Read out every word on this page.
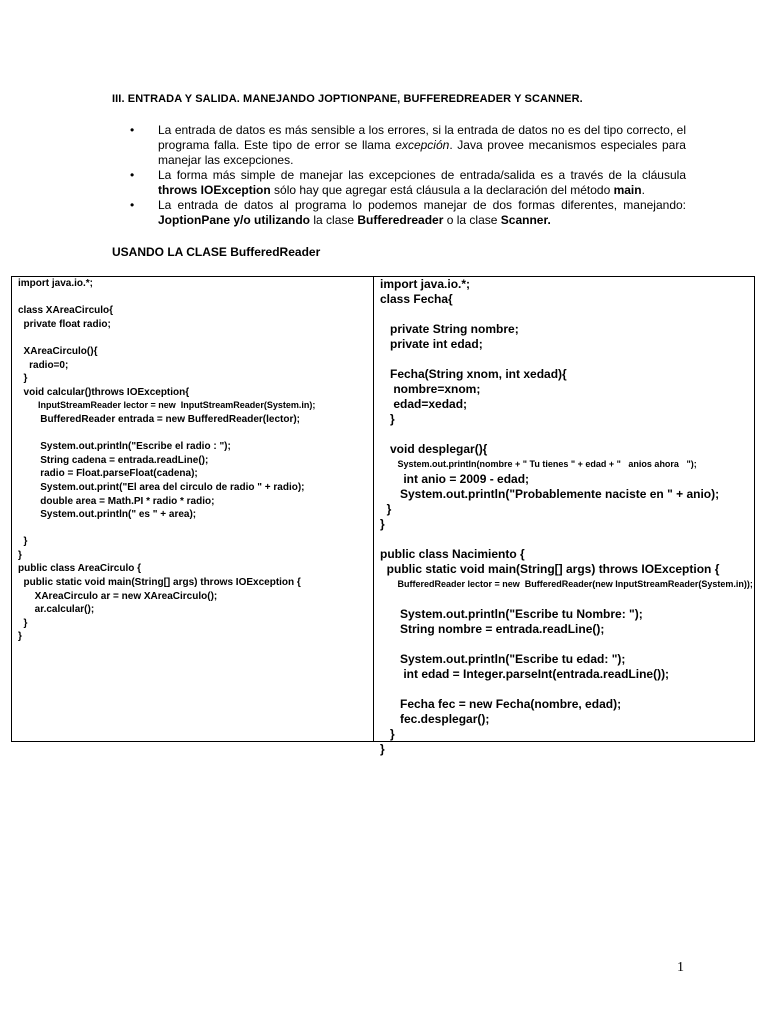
III. ENTRADA Y SALIDA. MANEJANDO JOPTIONPANE, BUFFEREDREADER Y SCANNER.

• La entrada de datos es más sensible a los errores, si la entrada de datos no es del tipo correcto, el programa falla. Este tipo de error se llama excepción. Java provee mecanismos especiales para manejar las excepciones.

• La forma más simple de manejar las excepciones de entrada/salida es a través de la cláusula throws IOException sólo hay que agregar está cláusula a la declaración del método main.

• La entrada de datos al programa lo podemos manejar de dos formas diferentes, manejando: JoptionPane y/o utilizando la clase Bufferedreader o la clase Scanner.

USANDO LA CLASE BufferedReader
import java.io.*;
class XAreaCirculo{
private float radio;
XAreaCirculo(){
radio=0;
}
void calcular()throws IOException{
InputStreamReader lector = new  InputStreamReader(System.in);
BufferedReader entrada = new BufferedReader(lector);
System.out.println("Escribe el radio : ");
String cadena = entrada.readLine();
radio = Float.parseFloat(cadena);
System.out.print("El area del circulo de radio " + radio);
double area = Math.PI * radio * radio;
System.out.println(" es " + area);
}
}
public class AreaCirculo {
public static void main(String[] args) throws IOException {
XAreaCirculo ar = new XAreaCirculo();
ar.calcular();
}
}
import java.io.*;
class Fecha{
private String nombre;
private int edad;
Fecha(String xnom, int xedad){
nombre=xnom;
edad=xedad;
}
void desplegar(){
System.out.println(nombre + " Tu tienes " + edad + "   anios ahora   ");
int anio = 2009 - edad;
System.out.println("Probablemente naciste en " + anio);
}
}
public class Nacimiento {
public static void main(String[] args) throws IOException {
BufferedReader lector = new  BufferedReader(new InputStreamReader(System.in));
System.out.println("Escribe tu Nombre: ");
String nombre = entrada.readLine();
System.out.println("Escribe tu edad: ");
int edad = Integer.parseInt(entrada.readLine());
Fecha fec = new Fecha(nombre, edad);
fec.desplegar();
}
}
1
